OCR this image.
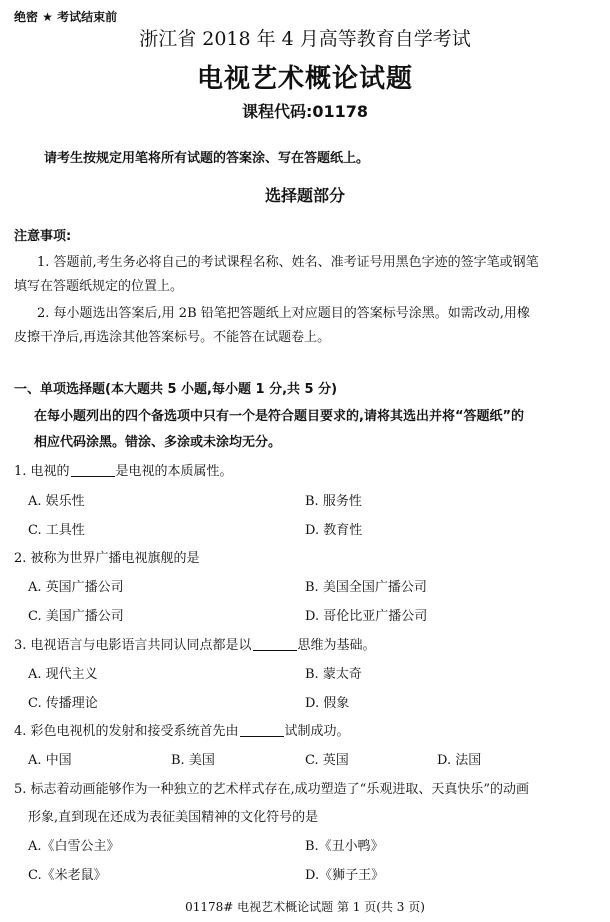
绝密 ★ 考试结束前
浙江省 2018 年 4 月高等教育自学考试
电视艺术概论试题
课程代码:01178
请考生按规定用笔将所有试题的答案涂、写在答题纸上。
选择题部分
注意事项:
1. 答题前,考生务必将自己的考试课程名称、姓名、准考证号用黑色字迹的签字笔或钢笔
填写在答题纸规定的位置上。
2. 每小题选出答案后,用 2B 铅笔把答题纸上对应题目的答案标号涂黑。如需改动,用橡
皮擦干净后,再选涂其他答案标号。不能答在试题卷上。
一、单项选择题(本大题共 5 小题,每小题 1 分,共 5 分)
在每小题列出的四个备选项中只有一个是符合题目要求的,请将其选出并将“答题纸”的
相应代码涂黑。错涂、多涂或未涂均无分。
1. 电视的	是电视的本质属性。
A. 娱乐性	B. 服务性
C. 工具性	D. 教育性
2. 被称为世界广播电视旗舰的是
A. 英国广播公司	B. 美国全国广播公司
C. 美国广播公司	D. 哥伦比亚广播公司
3. 电视语言与电影语言共同认同点都是以	思维为基础。
A. 现代主义	B. 蒙太奇
C. 传播理论	D. 假象
4. 彩色电视机的发射和接受系统首先由	试制成功。
A. 中国	B. 美国	C. 英国	D. 法国
5. 标志着动画能够作为一种独立的艺术样式存在,成功塑造了“乐观进取、天真快乐”的动画
形象,直到现在还成为表征美国精神的文化符号的是
A.《白雪公主》	B.《丑小鸭》
C.《米老鼠》	D.《狮子王》
01178# 电视艺术概论试题 第 1 页(共 3 页)
